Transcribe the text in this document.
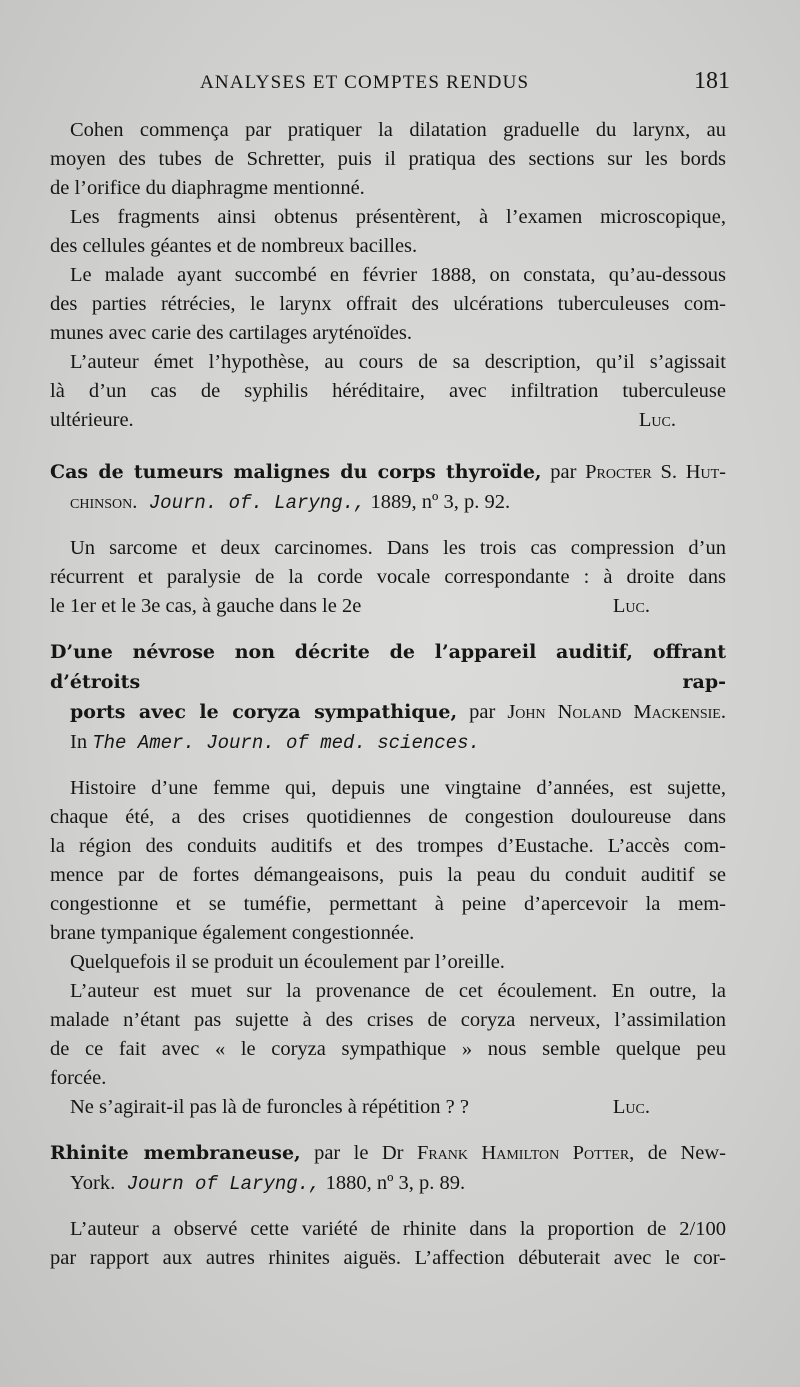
ANALYSES ET COMPTES RENDUS	181
Cohen commença par pratiquer la dilatation graduelle du larynx, au
moyen des tubes de Schretter, puis il pratiqua des sections sur les bords
de l’orifice du diaphragme mentionné.
Les fragments ainsi obtenus présentèrent, à l’examen microscopique,
des cellules géantes et de nombreux bacilles.
Le malade ayant succombé en février 1888, on constata, qu’au-dessous
des parties rétrécies, le larynx offrait des ulcérations tuberculeuses com-
munes avec carie des cartilages aryténoïdes.
L’auteur émet l’hypothèse, au cours de sa description, qu’il s’agissait
là d’un cas de syphilis héréditaire, avec infiltration tuberculeuse
ultérieure.	Luc.
Cas de tumeurs malignes du corps thyroïde, par Procter S. Hut-
chinson. Journ. of. Laryng., 1889, nº 3, p. 92.
Un sarcome et deux carcinomes. Dans les trois cas compression d’un
récurrent et paralysie de la corde vocale correspondante : à droite dans
le 1er et le 3e cas, à gauche dans le 2e	Luc.
D’une névrose non décrite de l’appareil auditif, offrant d’étroits rap-
ports avec le coryza sympathique, par John Noland Mackensie.
In The Amer. Journ. of med. sciences.
Histoire d’une femme qui, depuis une vingtaine d’années, est sujette,
chaque été, a des crises quotidiennes de congestion douloureuse dans
la région des conduits auditifs et des trompes d’Eustache. L’accès com-
mence par de fortes démangeaisons, puis la peau du conduit auditif se
congestionne et se tuméfie, permettant à peine d’apercevoir la mem-
brane tympanique également congestionnée.
Quelquefois il se produit un écoulement par l’oreille.
L’auteur est muet sur la provenance de cet écoulement. En outre, la
malade n’étant pas sujette à des crises de coryza nerveux, l’assimilation
de ce fait avec « le coryza sympathique » nous semble quelque peu
forcée.
Ne s’agirait-il pas là de furoncles à répétition ? ?	Luc.
Rhinite membraneuse, par le Dr Frank Hamilton Potter, de New-
York. Journ of Laryng., 1880, nº 3, p. 89.
L’auteur a observé cette variété de rhinite dans la proportion de 2/100
par rapport aux autres rhinites aiguës. L’affection débuterait avec le cor-
